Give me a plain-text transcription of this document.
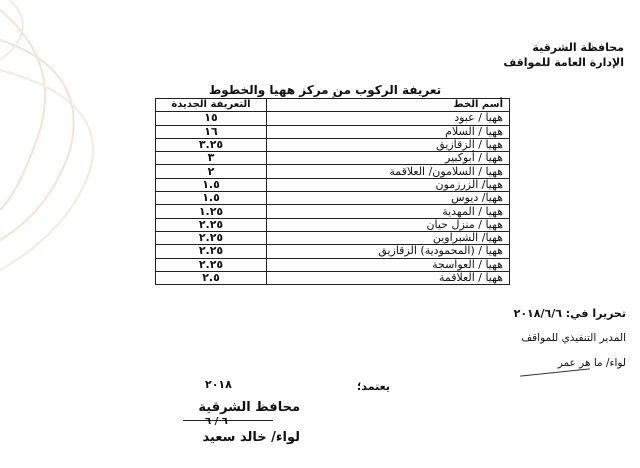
محافظة الشرقية
الإدارة العامة للمواقف
تعريفة الركوب من مركز ههيا والخطوط
أسم الخط	التعريفة الجديدة
ههيا / عبود	١٥
ههيا / السلام	١٦
ههيا / الزقازيق	٣.٢٥
ههيا / أبوكبير	٣
ههيا / السلامون/ العلاقمة	٢
ههيا/ الزرزمون	١.٥
ههيا/ ديوس	١.٥
ههيا / المهدية	١.٢٥
ههيا / منزل حيان	٢.٢٥
ههيا/ الشبراوين	٢.٢٥
ههيا / (المحمودية) الزقازيق	٢.٢٥
ههيا / العواسجة	٢.٢٥
ههيا / العلاقمة	٢.٥
تحريرا في: ٢٠١٨/٦/٦
المدير التنفيذي للمواقف
لواء/ ما هر عمر
يعتمد؛
٢٠١٨
محافظ الشرقية
٦ / ٦
لواء/ خالد سعيد
